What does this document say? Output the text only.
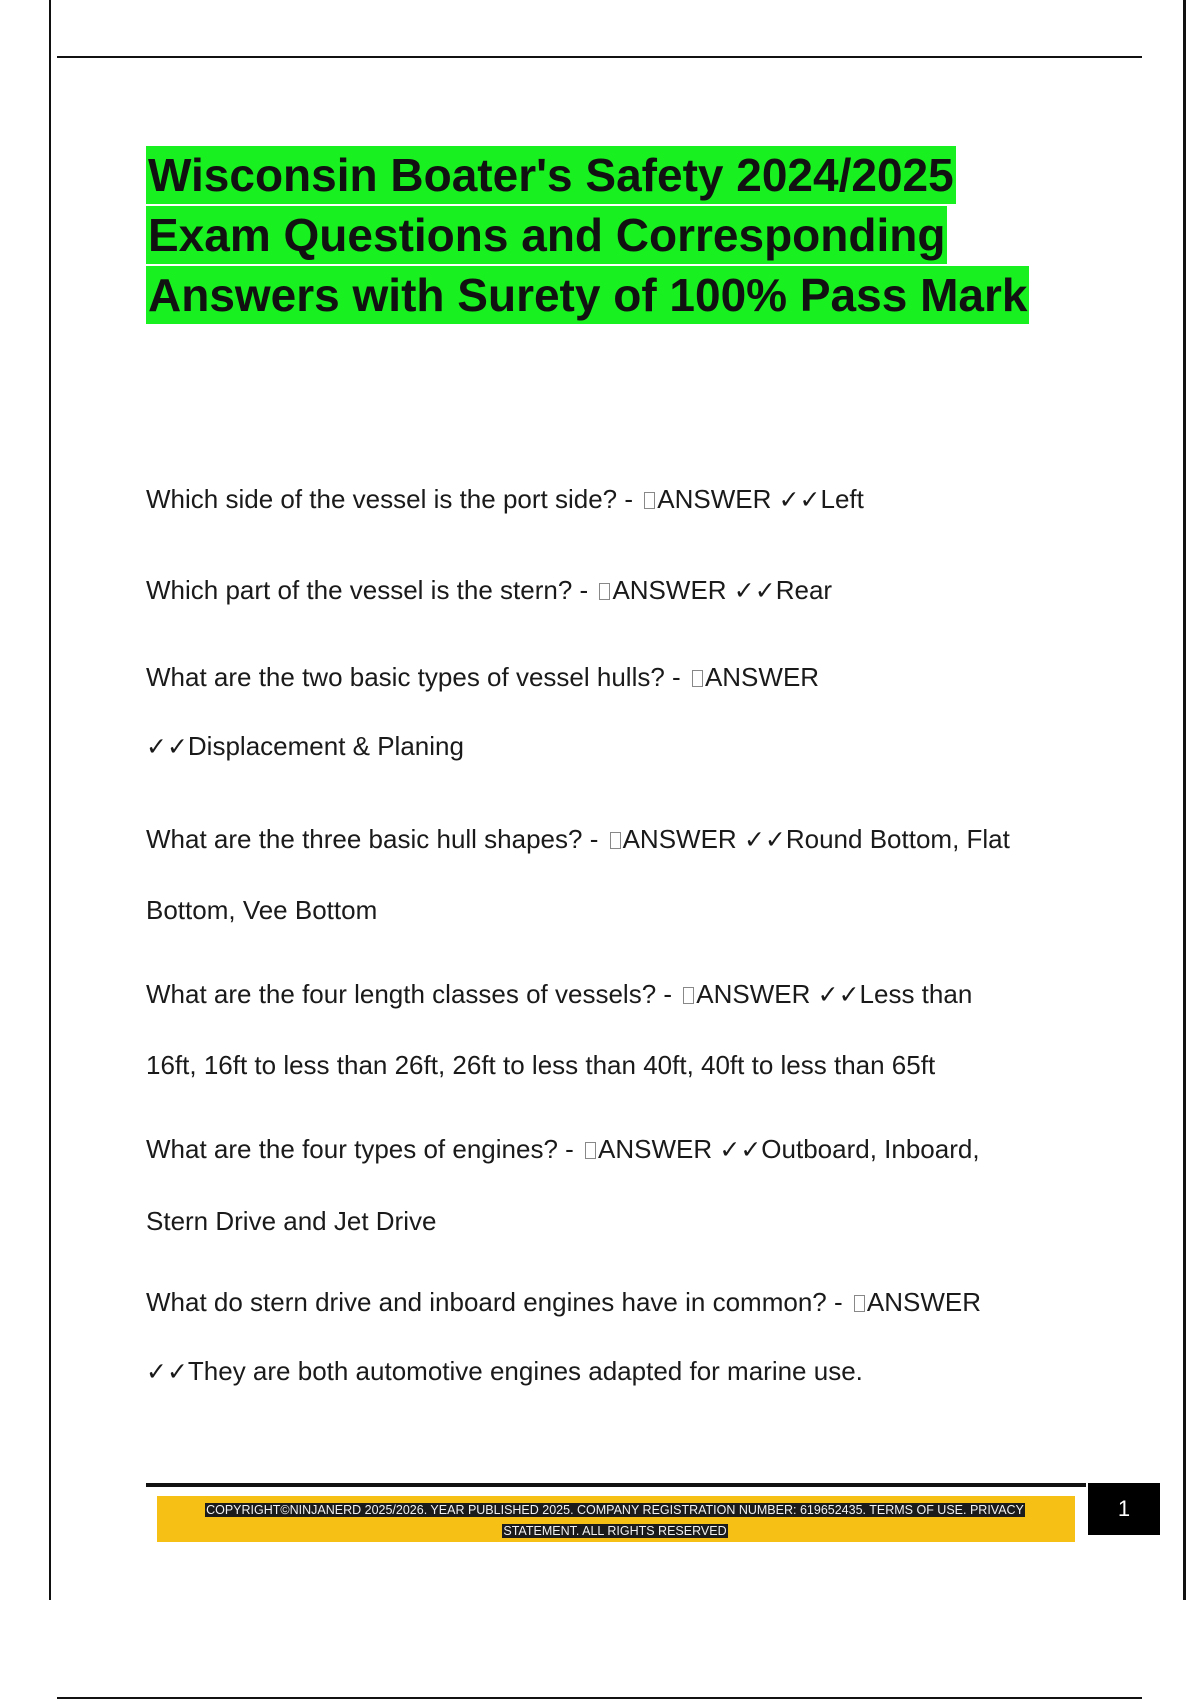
Wisconsin Boater's Safety 2024/2025
Exam Questions and Corresponding
Answers with Surety of 100% Pass Mark
Which side of the vessel is the port side? - ANSWER ✓✓Left
Which part of the vessel is the stern? - ANSWER ✓✓Rear
What are the two basic types of vessel hulls? - ANSWER
✓✓Displacement & Planing
What are the three basic hull shapes? - ANSWER ✓✓Round Bottom, Flat
Bottom, Vee Bottom
What are the four length classes of vessels? - ANSWER ✓✓Less than
16ft, 16ft to less than 26ft, 26ft to less than 40ft, 40ft to less than 65ft
What are the four types of engines? - ANSWER ✓✓Outboard, Inboard,
Stern Drive and Jet Drive
What do stern drive and inboard engines have in common? - ANSWER
✓✓They are both automotive engines adapted for marine use.
COPYRIGHT©NINJANERD 2025/2026. YEAR PUBLISHED 2025. COMPANY REGISTRATION NUMBER: 619652435. TERMS OF USE. PRIVACY
STATEMENT. ALL RIGHTS RESERVED
1
